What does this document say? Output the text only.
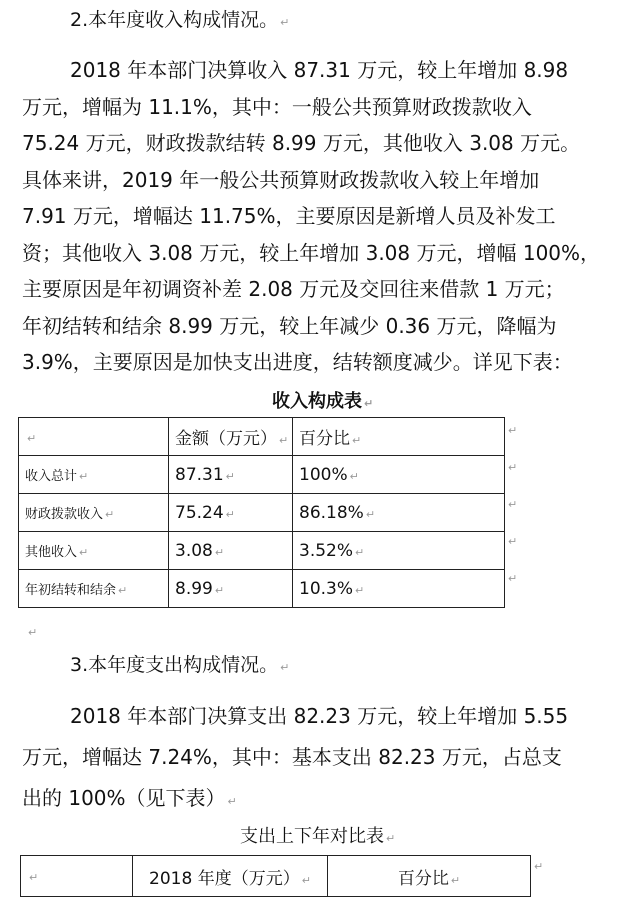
2.本年度收入构成情况。 ↵
2018 年本部门决算收入 87.31 万元，较上年增加 8.98
万元，增幅为 11.1%，其中：一般公共预算财政拨款收入
75.24 万元，财政拨款结转 8.99 万元，其他收入 3.08 万元。
具体来讲，2019 年一般公共预算财政拨款收入较上年增加
7.91 万元，增幅达 11.75%，主要原因是新增人员及补发工
资；其他收入 3.08 万元，较上年增加 3.08 万元，增幅 100%，
主要原因是年初调资补差 2.08 万元及交回往来借款 1 万元；
年初结转和结余 8.99 万元，较上年减少 0.36 万元，降幅为
3.9%，主要原因是加快支出进度，结转额度减少。详见下表：
收入构成表 ↵
↵	金额（万元） ↵	百分比 ↵
收入总计 ↵	87.31 ↵	100% ↵
财政拨款收入 ↵	75.24 ↵	86.18% ↵
其他收入 ↵	3.08 ↵	3.52% ↵
年初结转和结余 ↵	8.99 ↵	10.3% ↵
↵
↵
↵
↵
↵
↵
3.本年度支出构成情况。 ↵
2018 年本部门决算支出 82.23 万元，较上年增加 5.55
万元，增幅达 7.24%，其中：基本支出 82.23 万元，占总支
出的 100%（见下表） ↵
支出上下年对比表 ↵
↵	2018 年度（万元） ↵	百分比 ↵
↵
